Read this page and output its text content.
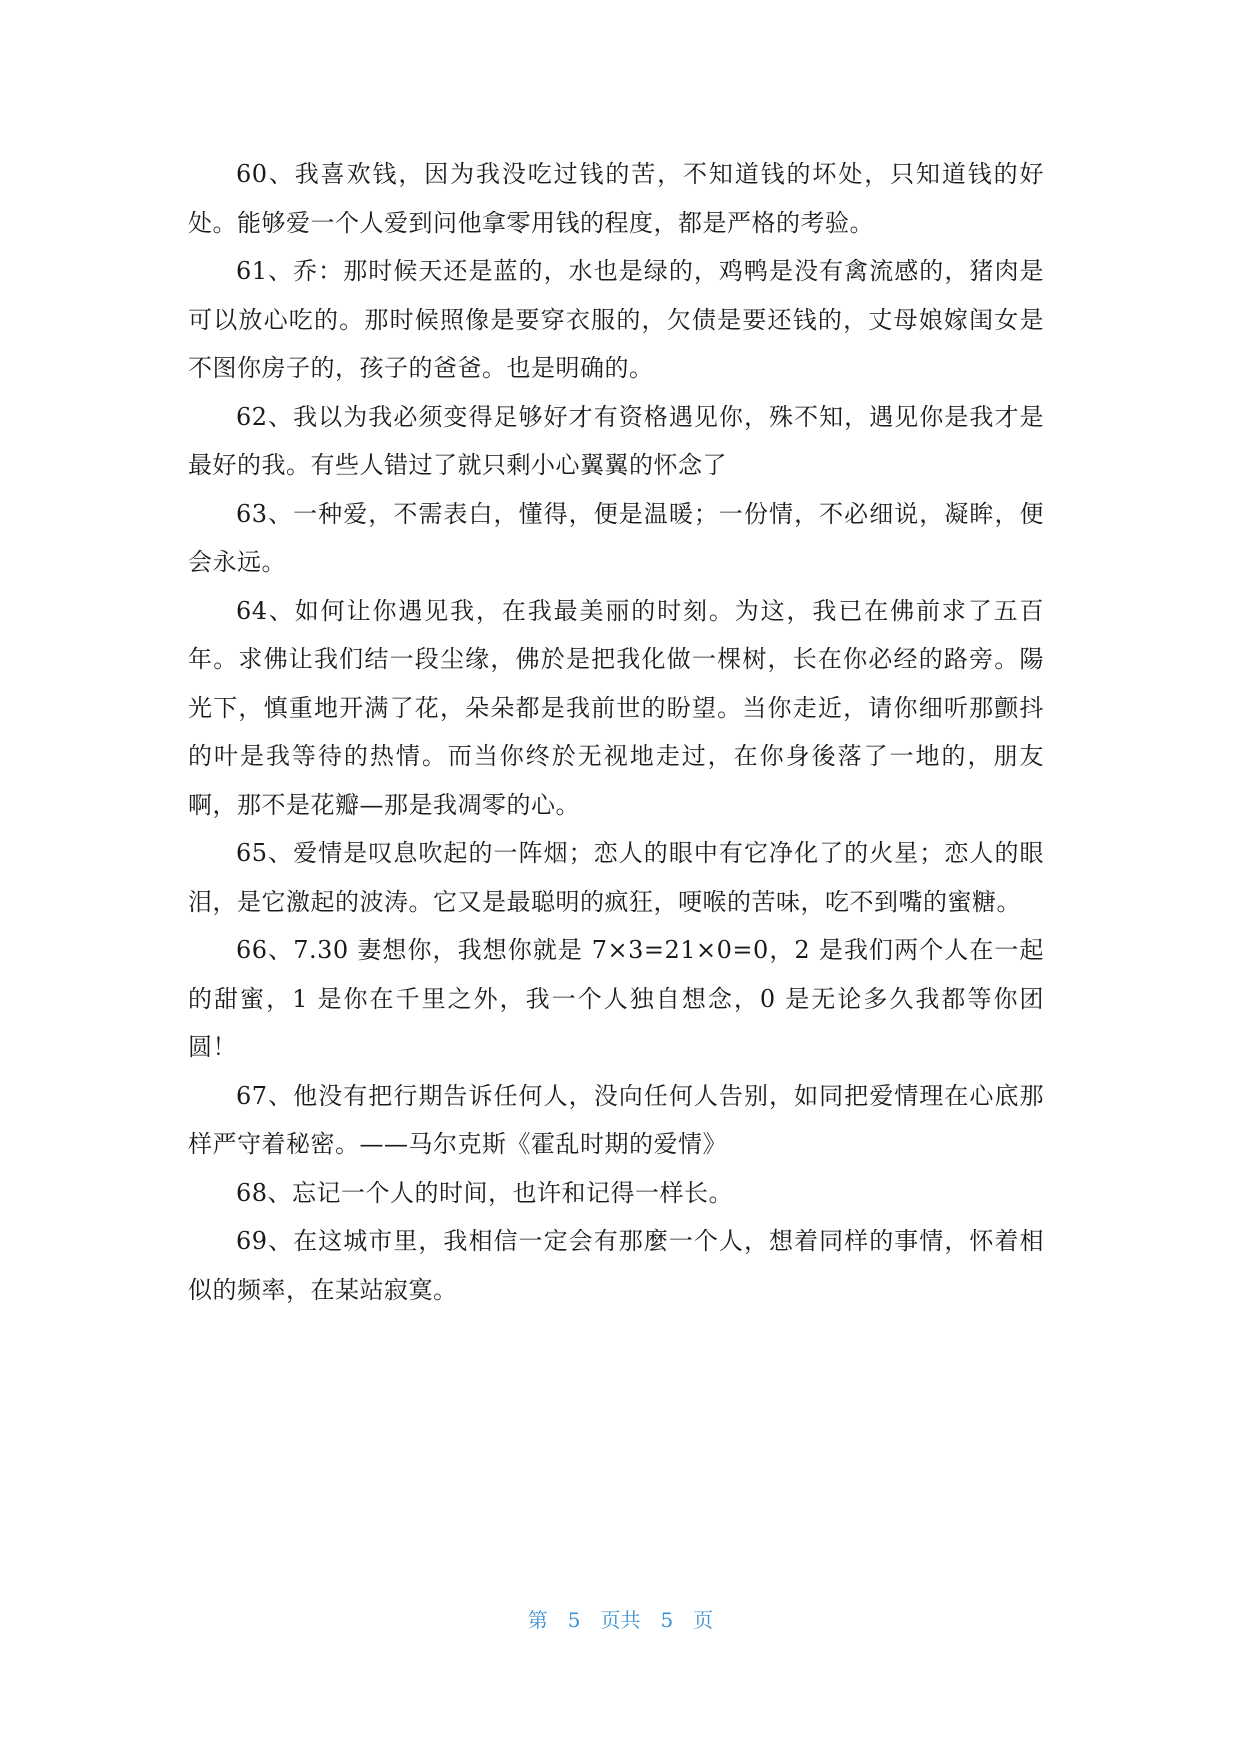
60、我喜欢钱，因为我没吃过钱的苦，不知道钱的坏处，只知道钱的好处。能够爱一个人爱到问他拿零用钱的程度，都是严格的考验。

61、乔：那时候天还是蓝的，水也是绿的，鸡鸭是没有禽流感的，猪肉是可以放心吃的。那时候照像是要穿衣服的，欠债是要还钱的，丈母娘嫁闺女是不图你房子的，孩子的爸爸。也是明确的。

62、我以为我必须变得足够好才有资格遇见你，殊不知，遇见你是我才是最好的我。有些人错过了就只剩小心翼翼的怀念了

63、一种爱，不需表白，懂得，便是温暖；一份情，不必细说，凝眸，便会永远。

64、如何让你遇见我，在我最美丽的时刻。为这，我已在佛前求了五百年。求佛让我们结一段尘缘，佛於是把我化做一棵树，长在你必经的路旁。陽光下，慎重地开满了花，朵朵都是我前世的盼望。当你走近，请你细听那颤抖的叶是我等待的热情。而当你终於无视地走过，在你身後落了一地的，朋友啊，那不是花瓣—那是我凋零的心。

65、爱情是叹息吹起的一阵烟；恋人的眼中有它净化了的火星；恋人的眼泪，是它激起的波涛。它又是最聪明的疯狂，哽喉的苦味，吃不到嘴的蜜糖。

66、7.30 妻想你，我想你就是 7×3=21×0=0，2 是我们两个人在一起的甜蜜，1 是你在千里之外，我一个人独自想念，0 是无论多久我都等你团圆！

67、他没有把行期告诉任何人，没向任何人告别，如同把爱情理在心底那样严守着秘密。——马尔克斯《霍乱时期的爱情》

68、忘记一个人的时间，也许和记得一样长。

69、在这城市里，我相信一定会有那麼一个人，想着同样的事情，怀着相似的频率，在某站寂寞。

第 5 页共 5 页
